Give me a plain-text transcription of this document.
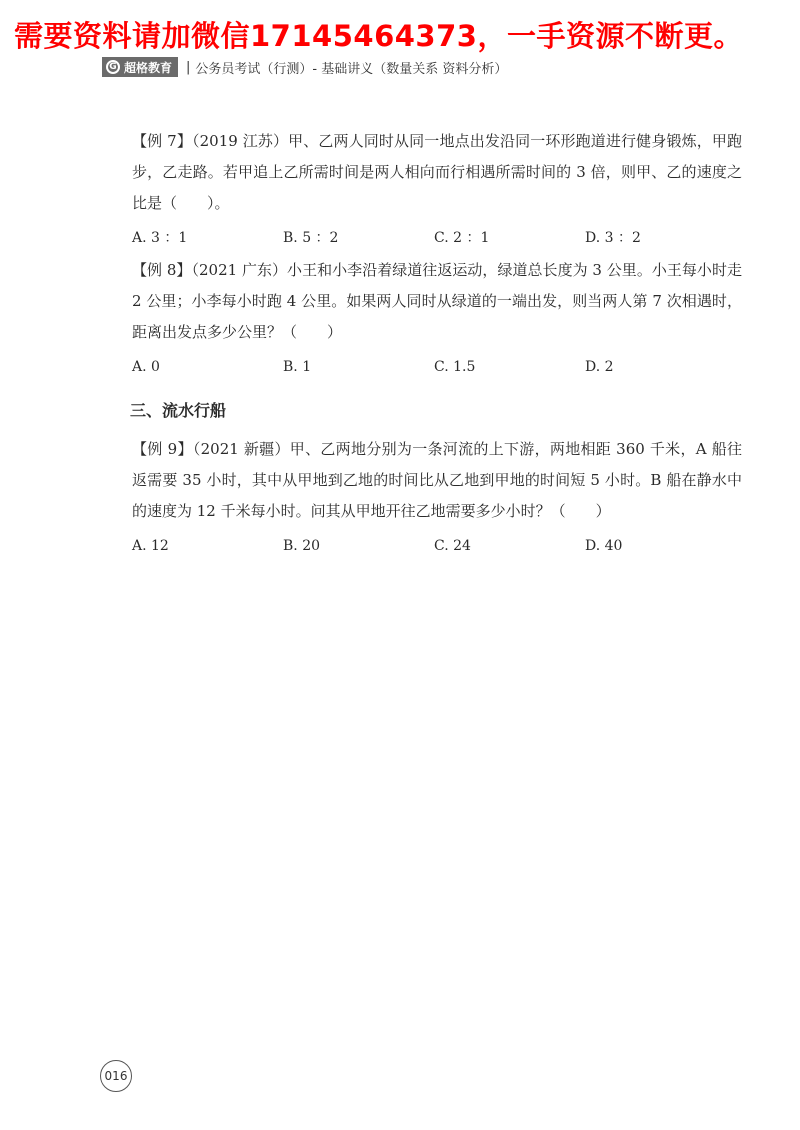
需要资料请加微信17145464373，一手资源不断更。
G 超格教育 | 公务员考试（行测）- 基础讲义（数量关系 资料分析）

【例 7】（2019 江苏）甲、乙两人同时从同一地点出发沿同一环形跑道进行健身锻炼，甲跑步，乙走路。若甲追上乙所需时间是两人相向而行相遇所需时间的 3 倍，则甲、乙的速度之比是（　　）。

A. 3 ：1	B. 5 ：2	C. 2 ：1	D. 3 ：2

【例 8】（2021 广东）小王和小李沿着绿道往返运动，绿道总长度为 3 公里。小王每小时走 2 公里；小李每小时跑 4 公里。如果两人同时从绿道的一端出发，则当两人第 7 次相遇时，距离出发点多少公里？（　　）

A. 0	B. 1	C. 1.5	D. 2
三、流水行船

【例 9】（2021 新疆）甲、乙两地分别为一条河流的上下游，两地相距 360 千米，A 船往返需要 35 小时，其中从甲地到乙地的时间比从乙地到甲地的时间短 5 小时。B 船在静水中的速度为 12 千米每小时。问其从甲地开往乙地需要多少小时？（　　）

A. 12	B. 20	C. 24	D. 40
016
